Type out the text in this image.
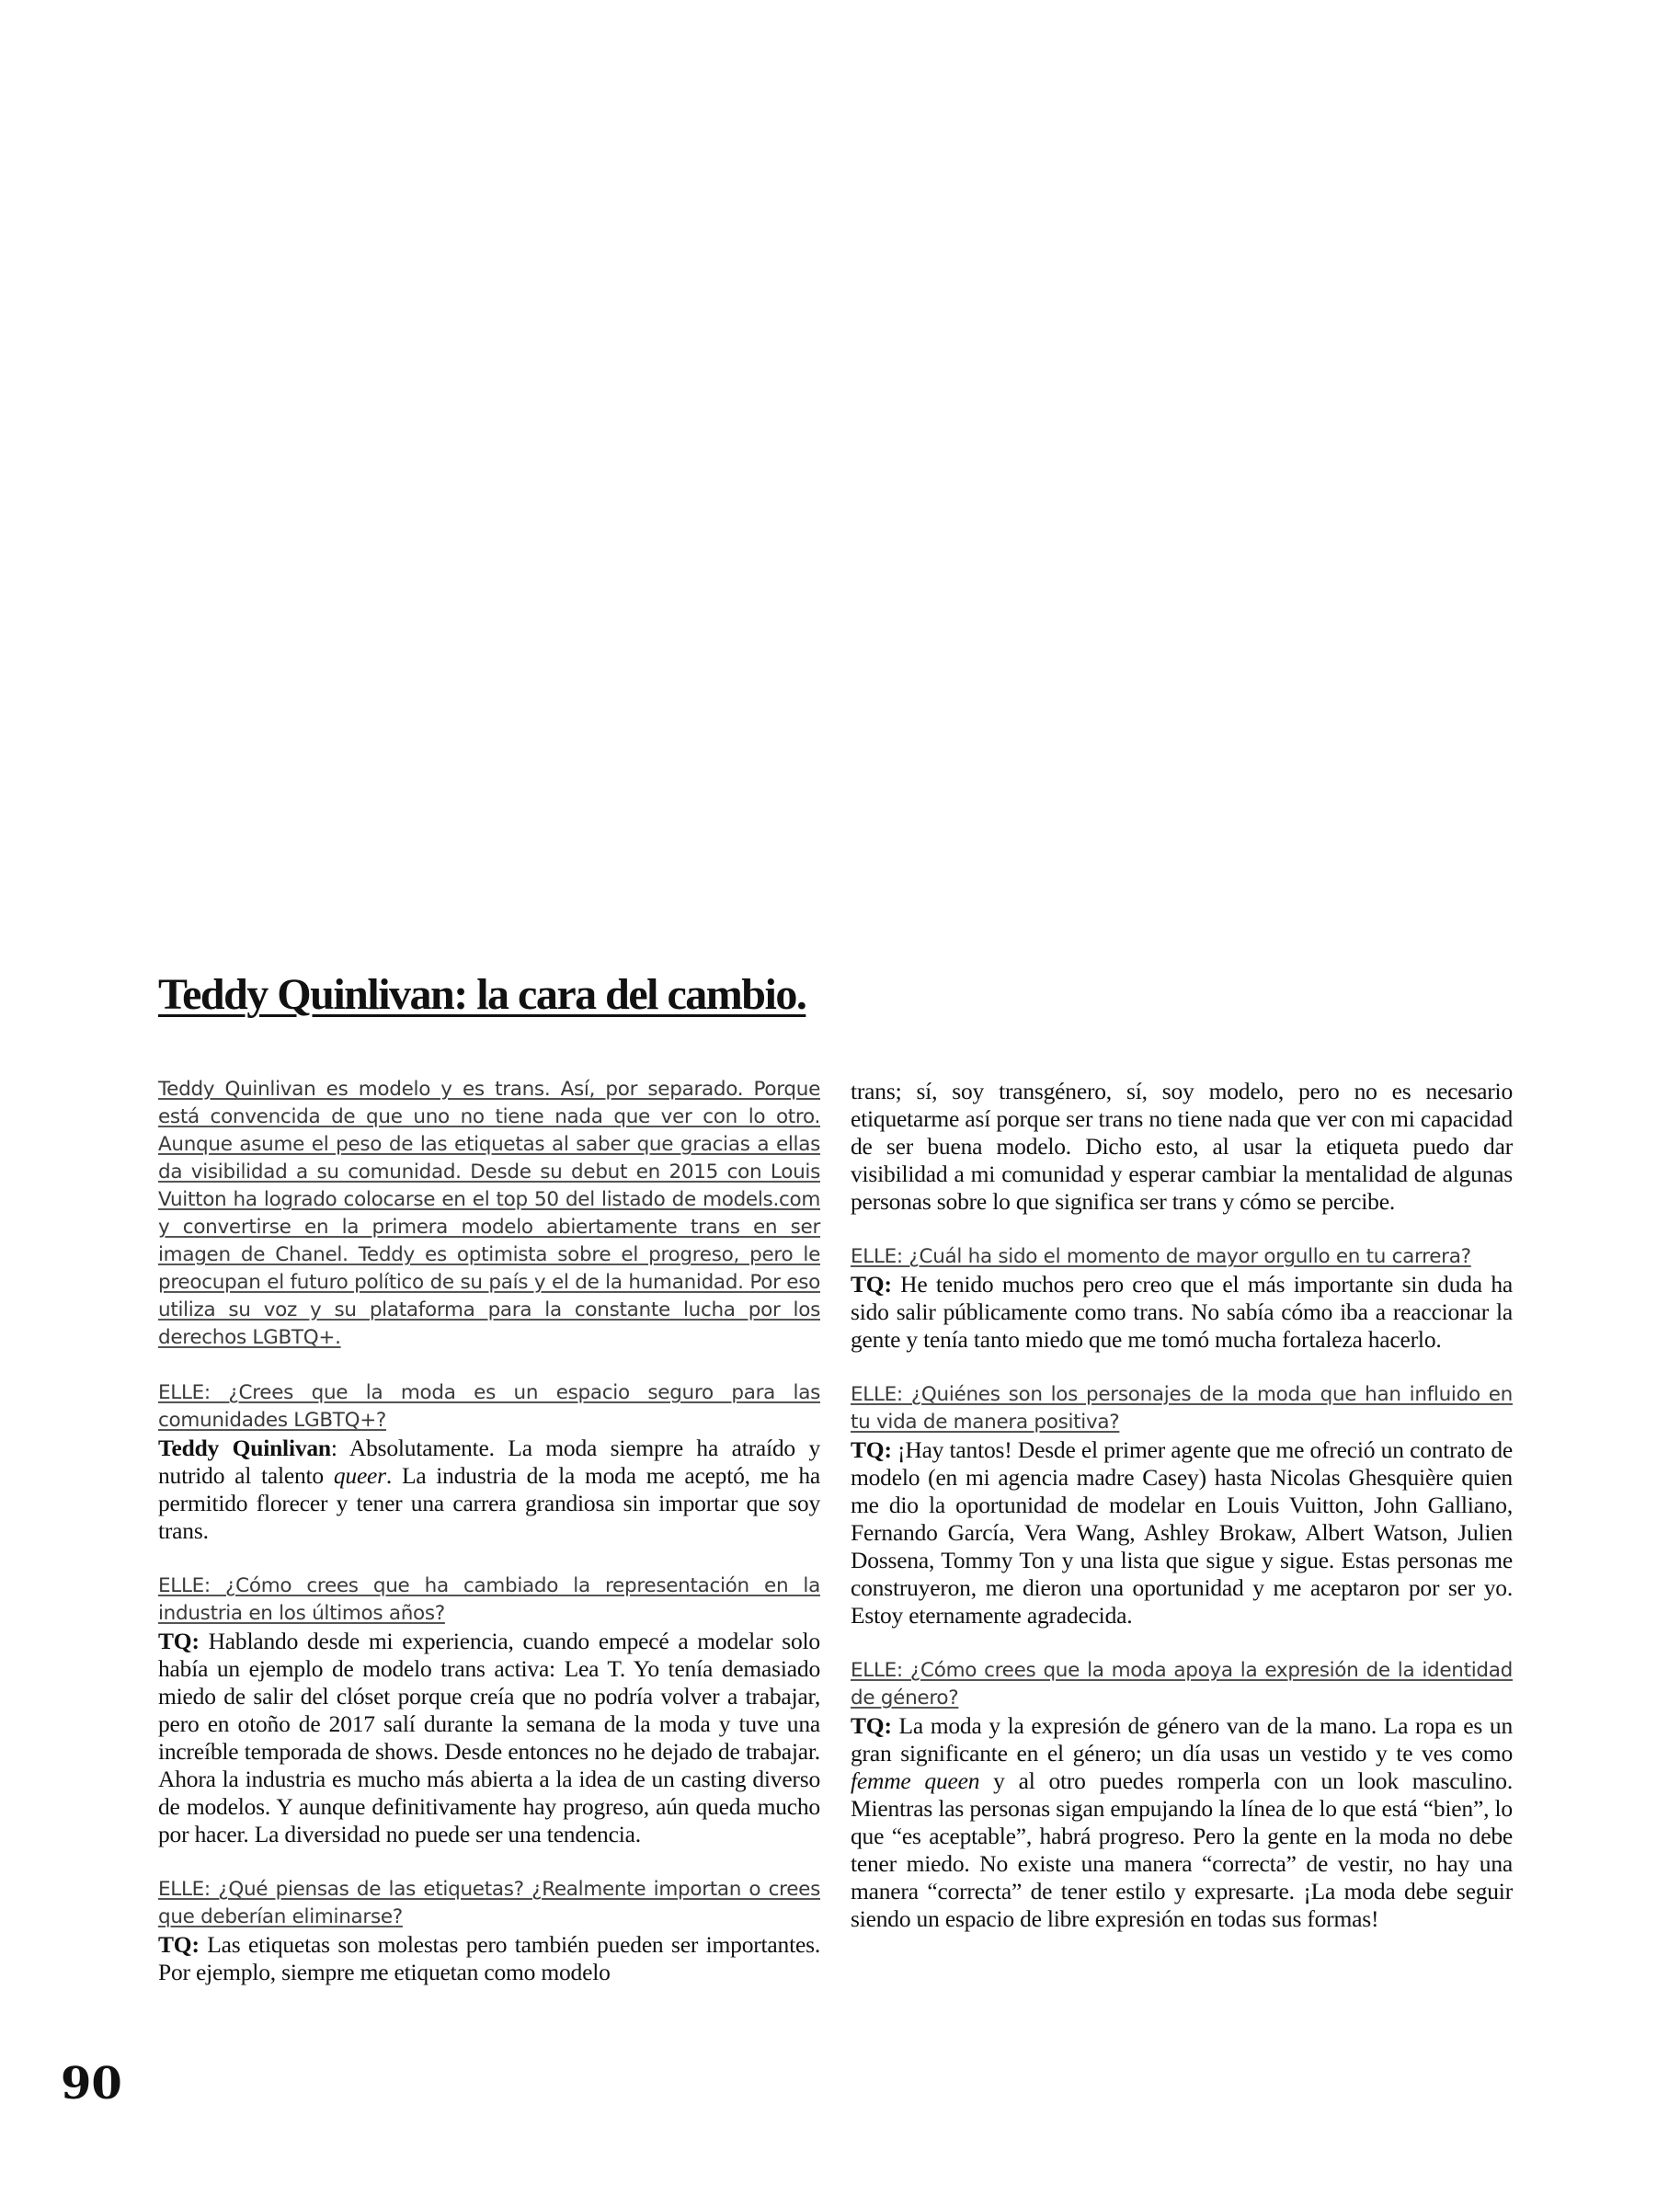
Teddy Quinlivan: la cara del cambio.

Teddy Quinlivan es modelo y es trans. Así, por separado. Porque está convencida de que uno no tiene nada que ver con lo otro. Aunque asume el peso de las etiquetas al saber que gracias a ellas da visibilidad a su comunidad. Desde su debut en 2015 con Louis Vuitton ha logrado colocarse en el top 50 del listado de models.com y convertirse en la primera modelo abiertamente trans en ser imagen de Chanel. Teddy es optimista sobre el progreso, pero le preocupan el futuro político de su país y el de la humanidad. Por eso utiliza su voz y su plataforma para la constante lucha por los derechos LGBTQ+.

ELLE: ¿Crees que la moda es un espacio seguro para las comunidades LGBTQ+?

Teddy Quinlivan: Absolutamente. La moda siempre ha atraído y nutrido al talento queer. La industria de la moda me aceptó, me ha permitido florecer y tener una carrera grandiosa sin importar que soy trans.

ELLE: ¿Cómo crees que ha cambiado la representación en la industria en los últimos años?

TQ: Hablando desde mi experiencia, cuando empecé a modelar solo había un ejemplo de modelo trans activa: Lea T. Yo tenía demasiado miedo de salir del clóset porque creía que no podría volver a trabajar, pero en otoño de 2017 salí durante la semana de la moda y tuve una increíble temporada de shows. Desde entonces no he dejado de trabajar. Ahora la industria es mucho más abierta a la idea de un casting diverso de modelos. Y aunque definitivamente hay progreso, aún queda mucho por hacer. La diversidad no puede ser una tendencia.

ELLE: ¿Qué piensas de las etiquetas? ¿Realmente importan o crees que deberían eliminarse?

TQ: Las etiquetas son molestas pero también pueden ser importantes. Por ejemplo, siempre me etiquetan como modelo

trans; sí, soy transgénero, sí, soy modelo, pero no es necesario etiquetarme así porque ser trans no tiene nada que ver con mi capacidad de ser buena modelo. Dicho esto, al usar la etiqueta puedo dar visibilidad a mi comunidad y esperar cambiar la mentalidad de algunas personas sobre lo que significa ser trans y cómo se percibe.

ELLE: ¿Cuál ha sido el momento de mayor orgullo en tu carrera?

TQ: He tenido muchos pero creo que el más importante sin duda ha sido salir públicamente como trans. No sabía cómo iba a reaccionar la gente y tenía tanto miedo que me tomó mucha fortaleza hacerlo.

ELLE: ¿Quiénes son los personajes de la moda que han influido en tu vida de manera positiva?

TQ: ¡Hay tantos! Desde el primer agente que me ofreció un contrato de modelo (en mi agencia madre Casey) hasta Nicolas Ghesquière quien me dio la oportunidad de modelar en Louis Vuitton, John Galliano, Fernando García, Vera Wang, Ashley Brokaw, Albert Watson, Julien Dossena, Tommy Ton y una lista que sigue y sigue. Estas personas me construyeron, me dieron una oportunidad y me aceptaron por ser yo. Estoy eternamente agradecida.

ELLE: ¿Cómo crees que la moda apoya la expresión de la identidad de género?

TQ: La moda y la expresión de género van de la mano. La ropa es un gran significante en el género; un día usas un vestido y te ves como femme queen y al otro puedes romperla con un look masculino. Mientras las personas sigan empujando la línea de lo que está “bien”, lo que “es aceptable”, habrá progreso. Pero la gente en la moda no debe tener miedo. No existe una manera “correcta” de vestir, no hay una manera “correcta” de tener estilo y expresarte. ¡La moda debe seguir siendo un espacio de libre expresión en todas sus formas!

90
